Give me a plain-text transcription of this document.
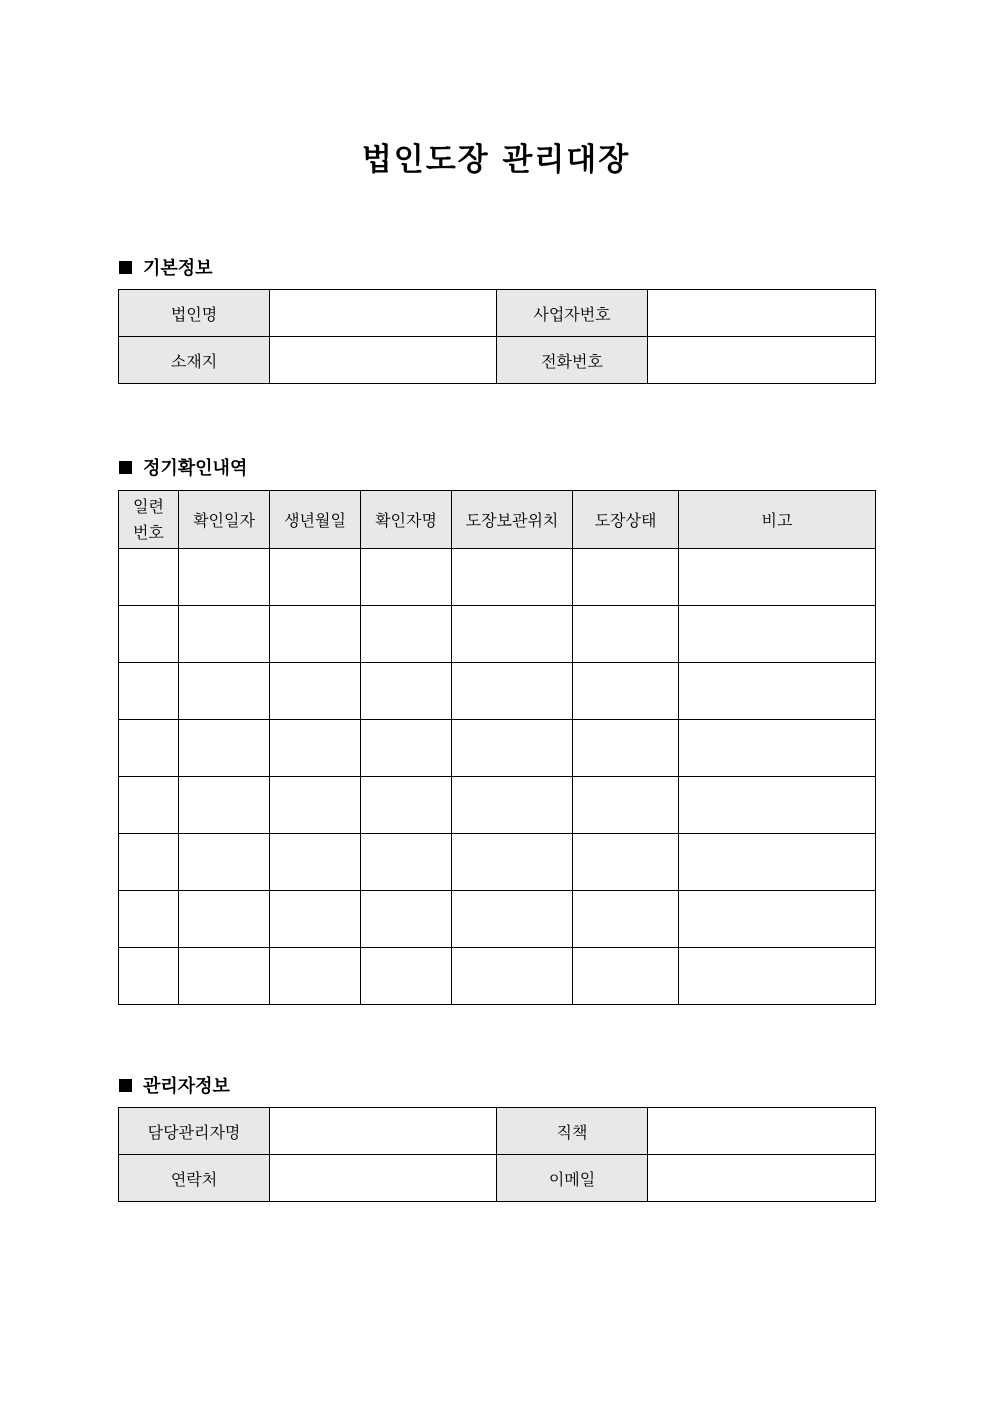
법인도장 관리대장
기본정보
법인명		사업자번호	
소재지		전화번호	
정기확인내역
일련
번호	확인일자	생년월일	확인자명	도장보관위치	도장상태	비고

관리자정보
담당관리자명		직책	
연락처		이메일	
